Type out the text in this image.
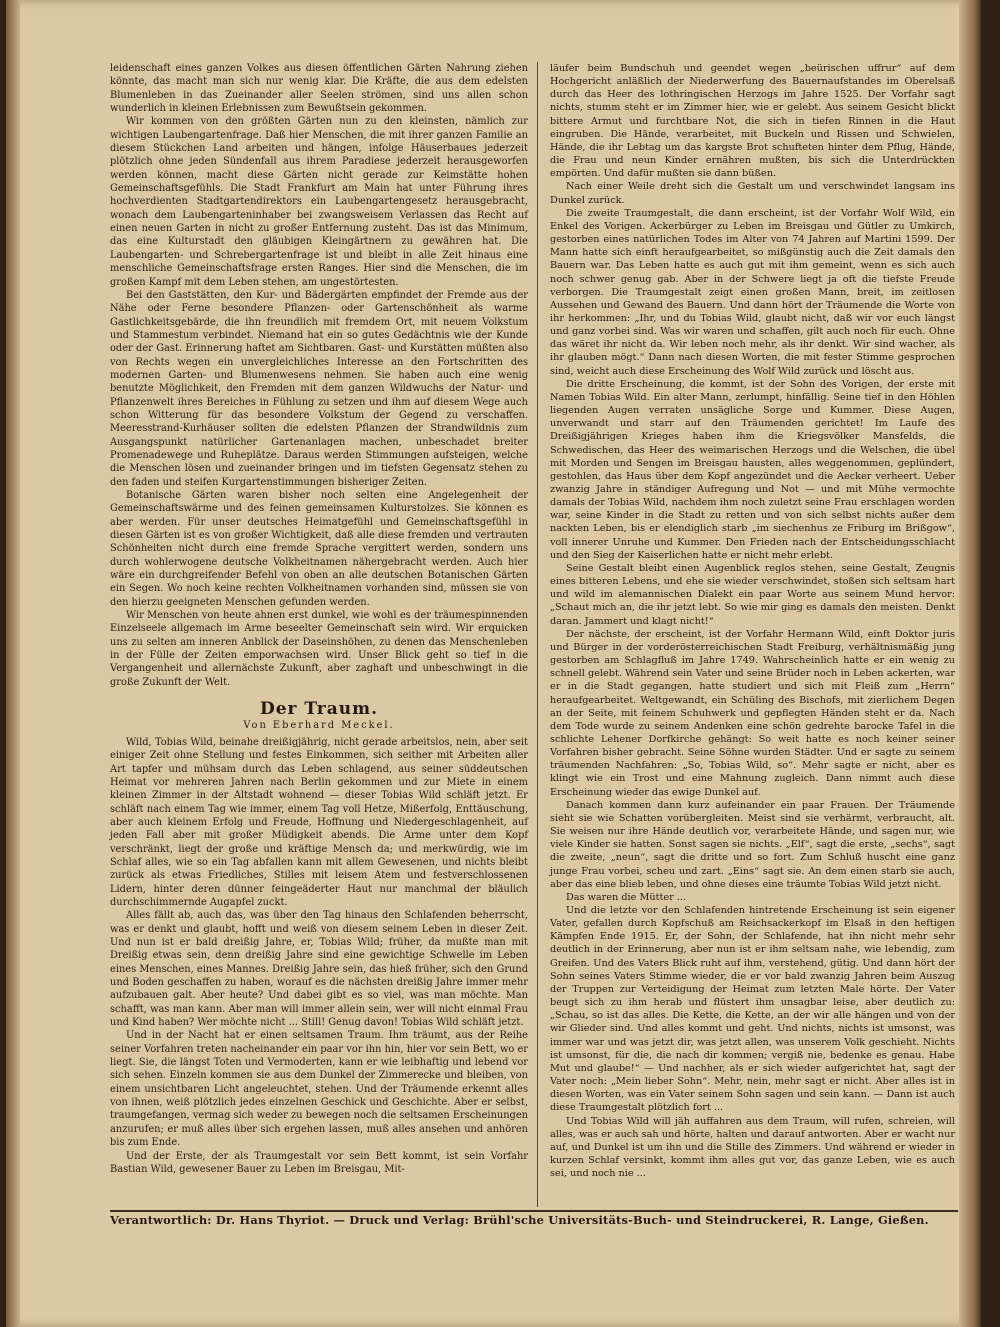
leidenschaft eines ganzen Volkes aus diesen öffentlichen Gärten Nahrung ziehen könnte, das macht man sich nur wenig klar. Die Kräfte, die aus dem edelsten Blumenleben in das Zueinander aller Seelen strömen, sind uns allen schon wunderlich in kleinen Erlebnissen zum Bewußtsein gekommen.

Wir kommen von den größten Gärten nun zu den kleinsten, nämlich zur wichtigen Laubengartenfrage. Daß hier Menschen, die mit ihrer ganzen Familie an diesem Stückchen Land arbeiten und hängen, infolge Häuserbaues jederzeit plötzlich ohne jeden Sündenfall aus ihrem Paradiese jederzeit herausgeworfen werden können, macht diese Gärten nicht gerade zur Keimstätte hohen Gemeinschaftsgefühls. Die Stadt Frankfurt am Main hat unter Führung ihres hochverdienten Stadtgartendirektors ein Laubengartengesetz herausgebracht, wonach dem Laubengarteninhaber bei zwangsweisem Verlassen das Recht auf einen neuen Garten in nicht zu großer Entfernung zusteht. Das ist das Minimum, das eine Kulturstadt den gläubigen Kleingärtnern zu gewähren hat. Die Laubengarten- und Schrebergartenfrage ist und bleibt in alle Zeit hinaus eine menschliche Gemeinschaftsfrage ersten Ranges. Hier sind die Menschen, die im großen Kampf mit dem Leben stehen, am ungestörtesten.

Bei den Gaststätten, den Kur- und Bädergärten empfindet der Fremde aus der Nähe oder Ferne besondere Pflanzen- oder Gartenschönheit als warme Gastlichkeitsgebärde, die ihn freundlich mit fremdem Ort, mit neuem Volkstum und Stammestum verbindet. Niemand hat ein so gutes Gedächtnis wie der Kunde oder der Gast. Erinnerung haftet am Sichtbaren. Gast- und Kurstätten müßten also von Rechts wegen ein unvergleichliches Interesse an den Fortschritten des modernen Garten- und Blumenwesens nehmen. Sie haben auch eine wenig benutzte Möglichkeit, den Fremden mit dem ganzen Wildwuchs der Natur- und Pflanzenwelt ihres Bereiches in Fühlung zu setzen und ihm auf diesem Wege auch schon Witterung für das besondere Volkstum der Gegend zu verschaffen. Meeresstrand-Kurhäuser sollten die edelsten Pflanzen der Strandwildnis zum Ausgangspunkt natürlicher Gartenanlagen machen, unbeschadet breiter Promenadewege und Ruheplätze. Daraus werden Stimmungen aufsteigen, welche die Menschen lösen und zueinander bringen und im tiefsten Gegensatz stehen zu den faden und steifen Kurgartenstimmungen bisheriger Zeiten.

Botanische Gärten waren bisher noch selten eine Angelegenheit der Gemeinschaftswärme und des feinen gemeinsamen Kulturstolzes. Sie können es aber werden. Für unser deutsches Heimatgefühl und Gemeinschaftsgefühl in diesen Gärten ist es von großer Wichtigkeit, daß alle diese fremden und vertrauten Schönheiten nicht durch eine fremde Sprache vergittert werden, sondern uns durch wohlerwogene deutsche Volkheitnamen nähergebracht werden. Auch hier wäre ein durchgreifender Befehl von oben an alle deutschen Botanischen Gärten ein Segen. Wo noch keine rechten Volkheitnamen vorhanden sind, müssen sie von den hierzu geeigneten Menschen gefunden werden.

Wir Menschen von heute ahnen erst dunkel, wie wohl es der träumespinnenden Einzelseele allgemach im Arme beseelter Gemeinschaft sein wird. Wir erquicken uns zu selten am inneren Anblick der Daseinshöhen, zu denen das Menschenleben in der Fülle der Zeiten emporwachsen wird. Unser Blick geht so tief in die Vergangenheit und allernächste Zukunft, aber zaghaft und unbeschwingt in die große Zukunft der Welt.

Der Traum.
Von Eberhard Meckel.

Wild, Tobias Wild, beinahe dreißigjährig, nicht gerade arbeitslos, nein, aber seit einiger Zeit ohne Stellung und festes Einkommen, sich seither mit Arbeiten aller Art tapfer und mühsam durch das Leben schlagend, aus seiner süddeutschen Heimat vor mehreren Jahren nach Berlin gekommen und zur Miete in einem kleinen Zimmer in der Altstadt wohnend — dieser Tobias Wild schläft jetzt. Er schläft nach einem Tag wie immer, einem Tag voll Hetze, Mißerfolg, Enttäuschung, aber auch kleinem Erfolg und Freude, Hoffnung und Niedergeschlagenheit, auf jeden Fall aber mit großer Müdigkeit abends. Die Arme unter dem Kopf verschränkt, liegt der große und kräftige Mensch da; und merkwürdig, wie im Schlaf alles, wie so ein Tag abfallen kann mit allem Gewesenen, und nichts bleibt zurück als etwas Friedliches, Stilles mit leisem Atem und festverschlossenen Lidern, hinter deren dünner feingeäderter Haut nur manchmal der bläulich durchschimmernde Augapfel zuckt.

Alles fällt ab, auch das, was über den Tag hinaus den Schlafenden beherrscht, was er denkt und glaubt, hofft und weiß von diesem seinem Leben in dieser Zeit. Und nun ist er bald dreißig Jahre, er, Tobias Wild; früher, da mußte man mit Dreißig etwas sein, denn dreißig Jahre sind eine gewichtige Schwelle im Leben eines Menschen, eines Mannes. Dreißig Jahre sein, das hieß früher, sich den Grund und Boden geschaffen zu haben, worauf es die nächsten dreißig Jahre immer mehr aufzubauen galt. Aber heute? Und dabei gibt es so viel, was man möchte. Man schafft, was man kann. Aber man will immer allein sein, wer will nicht einmal Frau und Kind haben? Wer möchte nicht ... Still! Genug davon! Tobias Wild schläft jetzt.

Und in der Nacht hat er einen seltsamen Traum. Ihm träumt, aus der Reihe seiner Vorfahren treten nacheinander ein paar vor ihn hin, hier vor sein Bett, wo er liegt. Sie, die längst Toten und Vermoderten, kann er wie leibhaftig und lebend vor sich sehen. Einzeln kommen sie aus dem Dunkel der Zimmerecke und bleiben, von einem unsichtbaren Licht angeleuchtet, stehen. Und der Träumende erkennt alles von ihnen, weiß plötzlich jedes einzelnen Geschick und Geschichte. Aber er selbst, traumgefangen, vermag sich weder zu bewegen noch die seltsamen Erscheinungen anzurufen; er muß alles über sich ergehen lassen, muß alles ansehen und anhören bis zum Ende.

Und der Erste, der als Traumgestalt vor sein Bett kommt, ist sein Vorfahr Bastian Wild, gewesener Bauer zu Leben im Breisgau, Mit-

läufer beim Bundschuh und geendet wegen „beürischen uffrur“ auf dem Hochgericht anläßlich der Niederwerfung des Bauernaufstandes im Oberelsaß durch das Heer des lothringischen Herzogs im Jahre 1525. Der Vorfahr sagt nichts, stumm steht er im Zimmer hier, wie er gelebt. Aus seinem Gesicht blickt bittere Armut und furchtbare Not, die sich in tiefen Rinnen in die Haut eingruben. Die Hände, verarbeitet, mit Buckeln und Rissen und Schwielen, Hände, die ihr Lebtag um das kargste Brot schufteten hinter dem Pflug, Hände, die Frau und neun Kinder ernähren mußten, bis sich die Unterdrückten empörten. Und dafür mußten sie dann büßen.

Nach einer Weile dreht sich die Gestalt um und verschwindet langsam ins Dunkel zurück.

Die zweite Traumgestalt, die dann erscheint, ist der Vorfahr Wolf Wild, ein Enkel des Vorigen. Ackerbürger zu Leben im Breisgau und Gütler zu Umkirch, gestorben eines natürlichen Todes im Alter von 74 Jahren auf Martini 1599. Der Mann hatte sich einft heraufgearbeitet, so mißgünstig auch die Zeit damals den Bauern war. Das Leben hatte es auch gut mit ihm gemeint, wenn es sich auch noch schwer genug gab. Aber in der Schwere liegt ja oft die tiefste Freude verborgen. Die Traumgestalt zeigt einen großen Mann, breit, im zeitlosen Aussehen und Gewand des Bauern. Und dann hört der Träumende die Worte von ihr herkommen: „Ihr, und du Tobias Wild, glaubt nicht, daß wir vor euch längst und ganz vorbei sind. Was wir waren und schaffen, gilt auch noch für euch. Ohne das wäret ihr nicht da. Wir leben noch mehr, als ihr denkt. Wir sind wacher, als ihr glauben mögt.“ Dann nach diesen Worten, die mit fester Stimme gesprochen sind, weicht auch diese Erscheinung des Wolf Wild zurück und löscht aus.

Die dritte Erscheinung, die kommt, ist der Sohn des Vorigen, der erste mit Namen Tobias Wild. Ein alter Mann, zerlumpt, hinfällig. Seine tief in den Höhlen liegenden Augen verraten unsägliche Sorge und Kummer. Diese Augen, unverwandt und starr auf den Träumenden gerichtet! Im Laufe des Dreißigjährigen Krieges haben ihm die Kriegsvölker Mansfelds, die Schwedischen, das Heer des weimarischen Herzogs und die Welschen, die übel mit Morden und Sengen im Breisgau hausten, alles weggenommen, geplündert, gestohlen, das Haus über dem Kopf angezündet und die Aecker verheert. Ueber zwanzig Jahre in ständiger Aufregung und Not — und mit Mühe vermochte damals der Tobias Wild, nachdem ihm noch zuletzt seine Frau erschlagen worden war, seine Kinder in die Stadt zu retten und von sich selbst nichts außer dem nackten Leben, bis er elendiglich starb „im siechenhus ze Friburg im Brißgow“, voll innerer Unruhe und Kummer. Den Frieden nach der Entscheidungsschlacht und den Sieg der Kaiserlichen hatte er nicht mehr erlebt.

Seine Gestalt bleibt einen Augenblick reglos stehen, seine Gestalt, Zeugnis eines bitteren Lebens, und ehe sie wieder verschwindet, stoßen sich seltsam hart und wild im alemannischen Dialekt ein paar Worte aus seinem Mund hervor: „Schaut mich an, die ihr jetzt lebt. So wie mir ging es damals den meisten. Denkt daran. Jammert und klagt nicht!“

Der nächste, der erscheint, ist der Vorfahr Hermann Wild, einft Doktor juris und Bürger in der vorderösterreichischen Stadt Freiburg, verhältnismäßig jung gestorben am Schlagfluß im Jahre 1749. Wahrscheinlich hatte er ein wenig zu schnell gelebt. Während sein Vater und seine Brüder noch in Leben ackerten, war er in die Stadt gegangen, hatte studiert und sich mit Fleiß zum „Herrn“ heraufgearbeitet. Weltgewandt, ein Schüling des Bischofs, mit zierlichem Degen an der Seite, mit feinem Schuhwerk und gepflegten Händen steht er da. Nach dem Tode wurde zu seinem Andenken eine schön gedrehte barocke Tafel in die schlichte Lehener Dorfkirche gehängt: So weit hatte es noch keiner seiner Vorfahren bisher gebracht. Seine Söhne wurden Städter. Und er sagte zu seinem träumenden Nachfahren: „So, Tobias Wild, so“. Mehr sagte er nicht, aber es klingt wie ein Trost und eine Mahnung zugleich. Dann nimmt auch diese Erscheinung wieder das ewige Dunkel auf.

Danach kommen dann kurz aufeinander ein paar Frauen. Der Träumende sieht sie wie Schatten vorübergleiten. Meist sind sie verhärmt, verbraucht, alt. Sie weisen nur ihre Hände deutlich vor, verarbeitete Hände, und sagen nur, wie viele Kinder sie hatten. Sonst sagen sie nichts. „Elf“, sagt die erste, „sechs“, sagt die zweite, „neun“, sagt die dritte und so fort. Zum Schluß huscht eine ganz junge Frau vorbei, scheu und zart. „Eins“ sagt sie. An dem einen starb sie auch, aber das eine blieb leben, und ohne dieses eine träumte Tobias Wild jetzt nicht.

Das waren die Mütter ...

Und die letzte vor den Schlafenden hintretende Erscheinung ist sein eigener Vater, gefallen durch Kopfschuß am Reichsackerkopf im Elsaß in den heftigen Kämpfen Ende 1915. Er, der Sohn, der Schlafende, hat ihn nicht mehr sehr deutlich in der Erinnerung, aber nun ist er ihm seltsam nahe, wie lebendig, zum Greifen. Und des Vaters Blick ruht auf ihm, verstehend, gütig. Und dann hört der Sohn seines Vaters Stimme wieder, die er vor bald zwanzig Jahren beim Auszug der Truppen zur Verteidigung der Heimat zum letzten Male hörte. Der Vater beugt sich zu ihm herab und flüstert ihm unsagbar leise, aber deutlich zu: „Schau, so ist das alles. Die Kette, die Kette, an der wir alle hängen und von der wir Glieder sind. Und alles kommt und geht. Und nichts, nichts ist umsonst, was immer war und was jetzt dir, was jetzt allen, was unserem Volk geschieht. Nichts ist umsonst, für die, die nach dir kommen; vergiß nie, bedenke es genau. Habe Mut und glaube!“ — Und nachher, als er sich wieder aufgerichtet hat, sagt der Vater noch: „Mein lieber Sohn“. Mehr, nein, mehr sagt er nicht. Aber alles ist in diesen Worten, was ein Vater seinem Sohn sagen und sein kann. — Dann ist auch diese Traumgestalt plötzlich fort ...

Und Tobias Wild will jäh auffahren aus dem Traum, will rufen, schreien, will alles, was er auch sah und hörte, halten und darauf antworten. Aber er wacht nur auf, und Dunkel ist um ihn und die Stille des Zimmers. Und während er wieder in kurzen Schlaf versinkt, kommt ihm alles gut vor, das ganze Leben, wie es auch sei, und noch nie ...

Verantwortlich: Dr. Hans Thyriot. — Druck und Verlag: Brühl'sche Universitäts-Buch- und Steindruckerei, R. Lange, Gießen.
